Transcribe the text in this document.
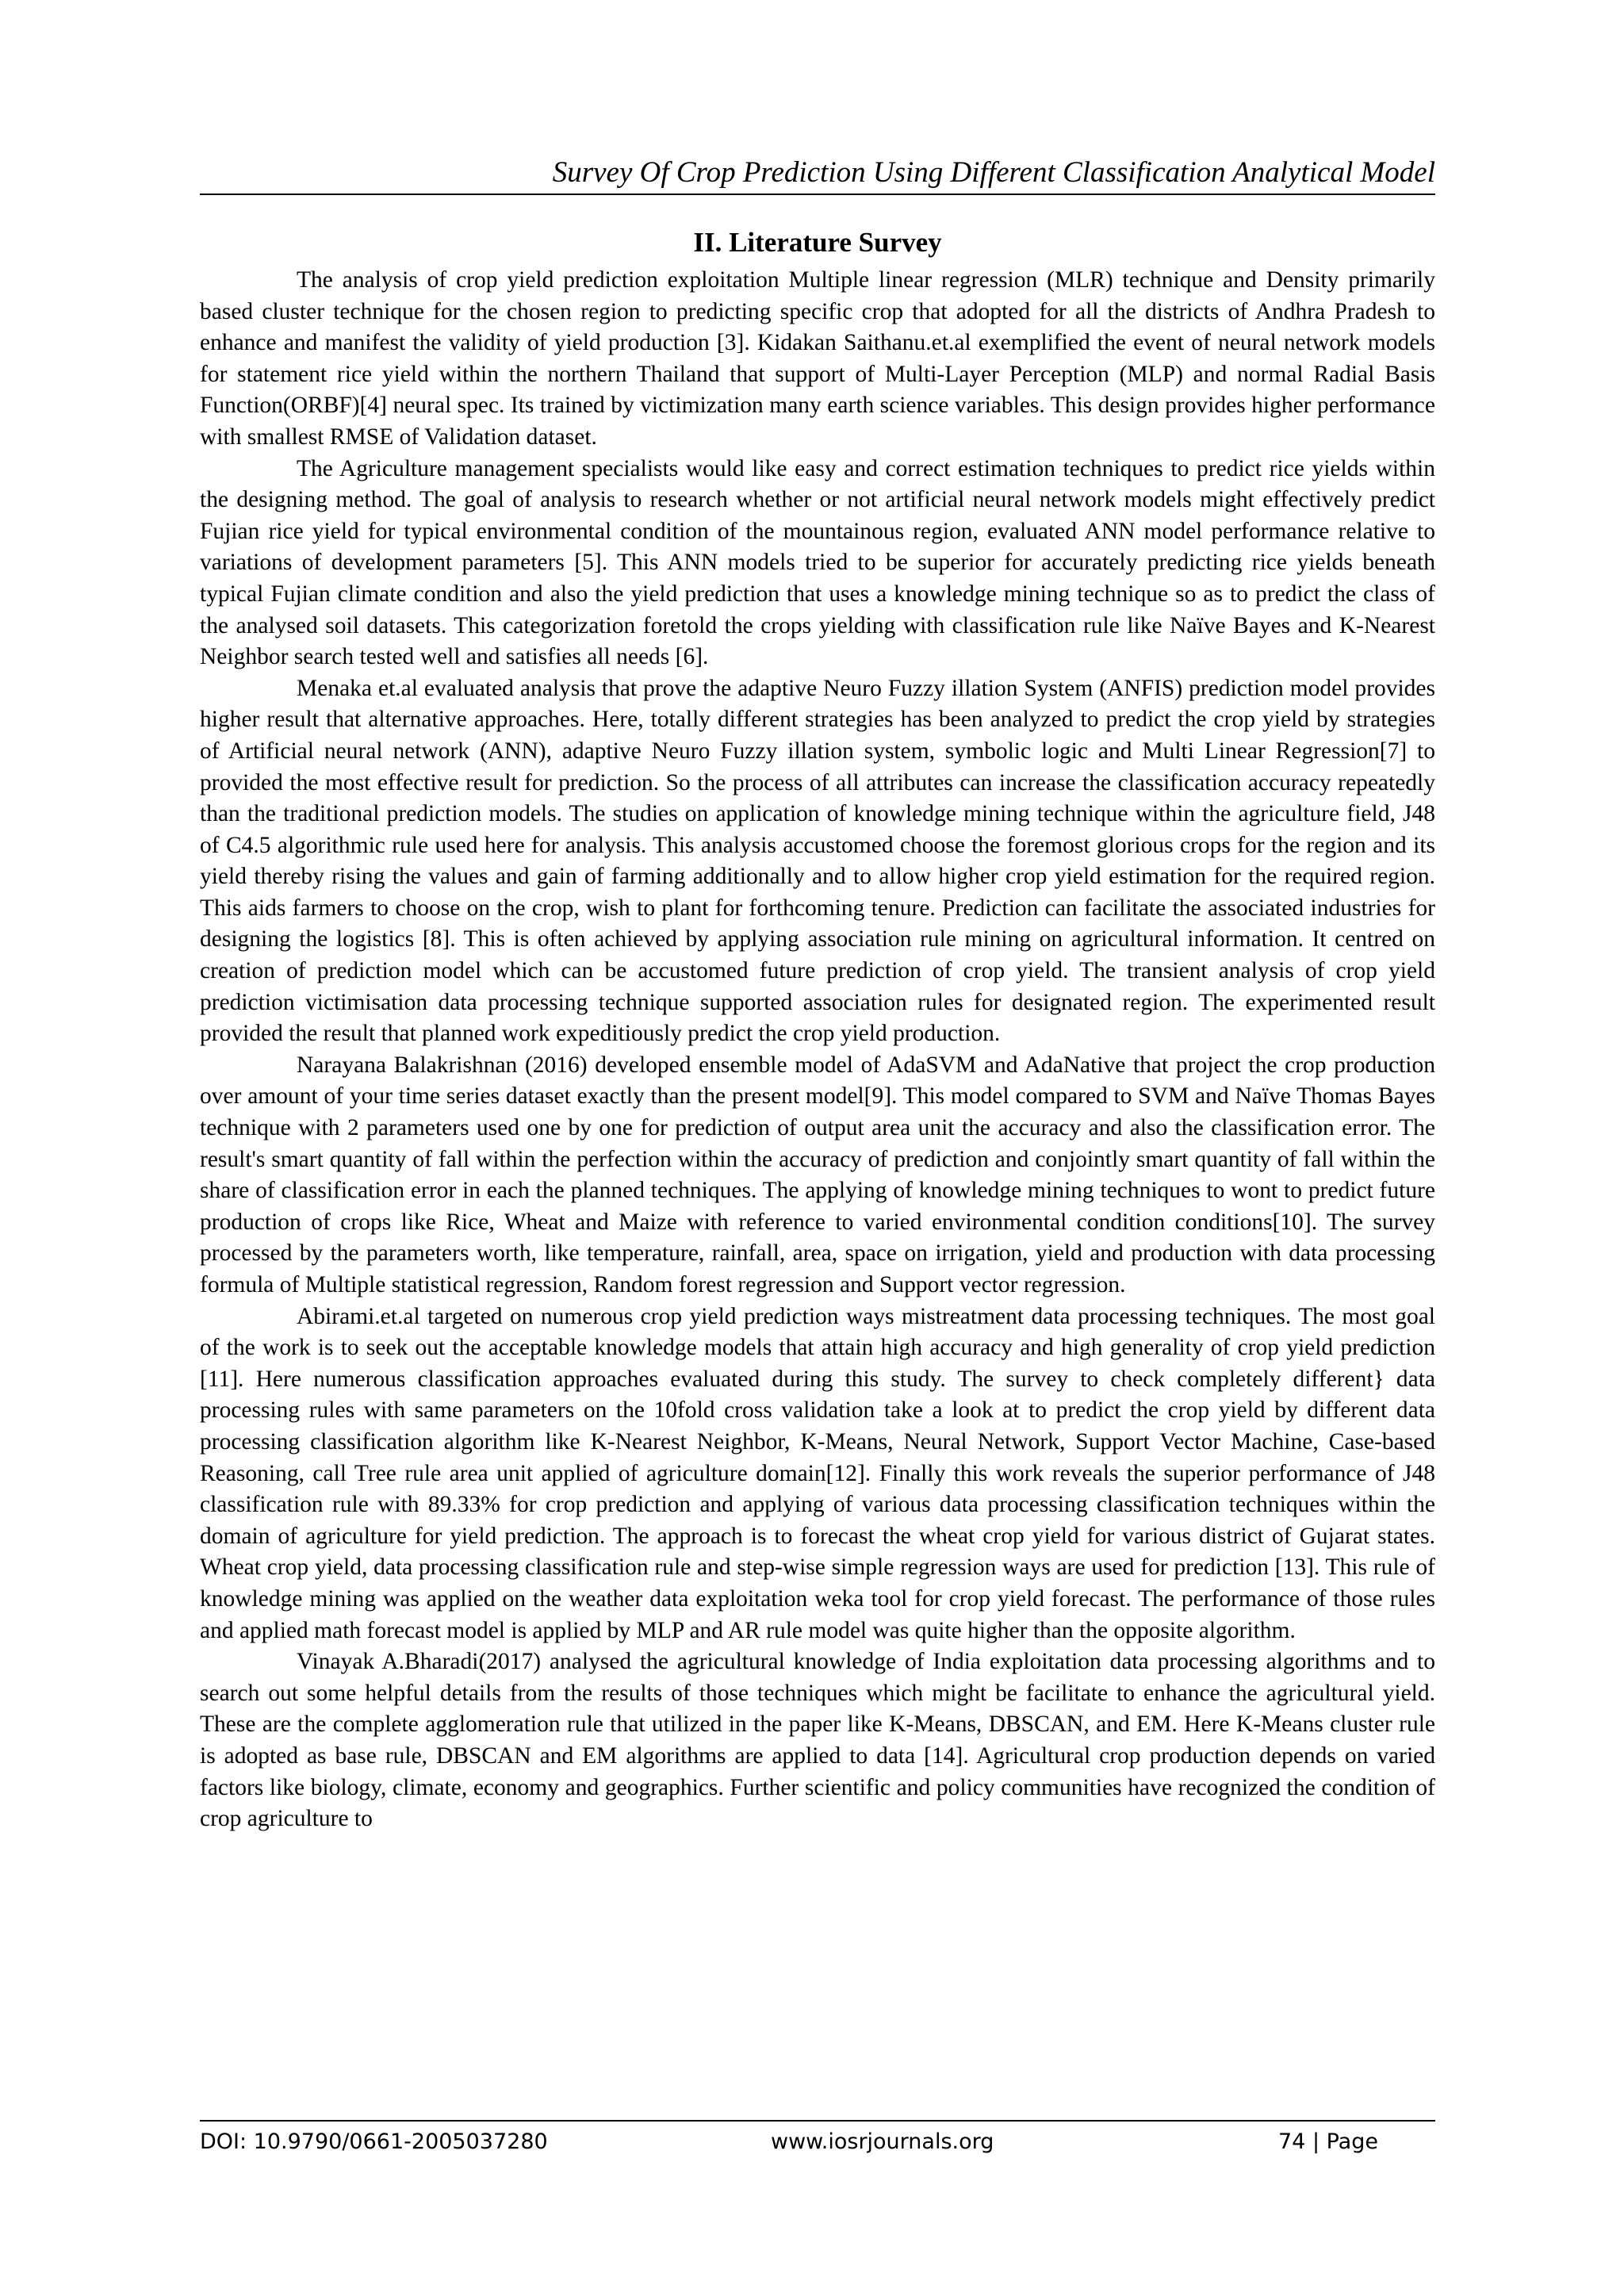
Survey Of Crop Prediction Using Different Classification Analytical Model
II. Literature Survey

The analysis of crop yield prediction exploitation Multiple linear regression (MLR) technique and Density primarily based cluster technique for the chosen region to predicting specific crop that adopted for all the districts of Andhra Pradesh to enhance and manifest the validity of yield production [3]. Kidakan Saithanu.et.al exemplified the event of neural network models for statement rice yield within the northern Thailand that support of Multi-Layer Perception (MLP) and normal Radial Basis Function(ORBF)[4] neural spec. Its trained by victimization many earth science variables. This design provides higher performance with smallest RMSE of Validation dataset.

The Agriculture management specialists would like easy and correct estimation techniques to predict rice yields within the designing method. The goal of analysis to research whether or not artificial neural network models might effectively predict Fujian rice yield for typical environmental condition of the mountainous region, evaluated ANN model performance relative to variations of development parameters [5]. This ANN models tried to be superior for accurately predicting rice yields beneath typical Fujian climate condition and also the yield prediction that uses a knowledge mining technique so as to predict the class of the analysed soil datasets. This categorization foretold the crops yielding with classification rule like Naïve Bayes and K-Nearest Neighbor search tested well and satisfies all needs [6].

Menaka et.al evaluated analysis that prove the adaptive Neuro Fuzzy illation System (ANFIS) prediction model provides higher result that alternative approaches. Here, totally different strategies has been analyzed to predict the crop yield by strategies of Artificial neural network (ANN), adaptive Neuro Fuzzy illation system, symbolic logic and Multi Linear Regression[7] to provided the most effective result for prediction. So the process of all attributes can increase the classification accuracy repeatedly than the traditional prediction models. The studies on application of knowledge mining technique within the agriculture field, J48 of C4.5 algorithmic rule used here for analysis. This analysis accustomed choose the foremost glorious crops for the region and its yield thereby rising the values and gain of farming additionally and to allow higher crop yield estimation for the required region. This aids farmers to choose on the crop, wish to plant for forthcoming tenure. Prediction can facilitate the associated industries for designing the logistics [8]. This is often achieved by applying association rule mining on agricultural information. It centred on creation of prediction model which can be accustomed future prediction of crop yield. The transient analysis of crop yield prediction victimisation data processing technique supported association rules for designated region. The experimented result provided the result that planned work expeditiously predict the crop yield production.

Narayana Balakrishnan (2016) developed ensemble model of AdaSVM and AdaNative that project the crop production over amount of your time series dataset exactly than the present model[9]. This model compared to SVM and Naïve Thomas Bayes technique with 2 parameters used one by one for prediction of output area unit the accuracy and also the classification error. The result's smart quantity of fall within the perfection within the accuracy of prediction and conjointly smart quantity of fall within the share of classification error in each the planned techniques. The applying of knowledge mining techniques to wont to predict future production of crops like Rice, Wheat and Maize with reference to varied environmental condition conditions[10]. The survey processed by the parameters worth, like temperature, rainfall, area, space on irrigation, yield and production with data processing formula of Multiple statistical regression, Random forest regression and Support vector regression.

Abirami.et.al targeted on numerous crop yield prediction ways mistreatment data processing techniques. The most goal of the work is to seek out the acceptable knowledge models that attain high accuracy and high generality of crop yield prediction [11]. Here numerous classification approaches evaluated during this study. The survey to check completely different} data processing rules with same parameters on the 10fold cross validation take a look at to predict the crop yield by different data processing classification algorithm like K-Nearest Neighbor, K-Means, Neural Network, Support Vector Machine, Case-based Reasoning, call Tree rule area unit applied of agriculture domain[12]. Finally this work reveals the superior performance of J48 classification rule with 89.33% for crop prediction and applying of various data processing classification techniques within the domain of agriculture for yield prediction. The approach is to forecast the wheat crop yield for various district of Gujarat states. Wheat crop yield, data processing classification rule and step-wise simple regression ways are used for prediction [13]. This rule of knowledge mining was applied on the weather data exploitation weka tool for crop yield forecast. The performance of those rules and applied math forecast model is applied by MLP and AR rule model was quite higher than the opposite algorithm.

Vinayak A.Bharadi(2017) analysed the agricultural knowledge of India exploitation data processing algorithms and to search out some helpful details from the results of those techniques which might be facilitate to enhance the agricultural yield. These are the complete agglomeration rule that utilized in the paper like K-Means, DBSCAN, and EM. Here K-Means cluster rule is adopted as base rule, DBSCAN and EM algorithms are applied to data [14]. Agricultural crop production depends on varied factors like biology, climate, economy and geographics. Further scientific and policy communities have recognized the condition of crop agriculture to

DOI: 10.9790/0661-2005037280	www.iosrjournals.org	74 | Page
